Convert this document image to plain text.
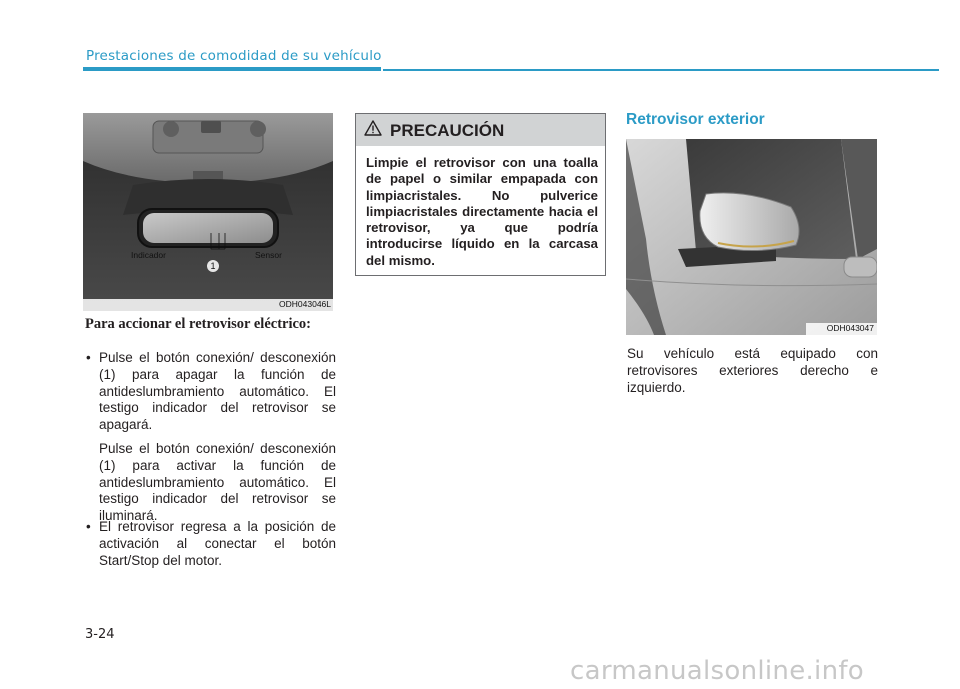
Prestaciones de comodidad de su vehículo
Indicador	Sensor
1
ODH043046L
Para accionar el retrovisor eléctrico:
• Pulse el botón conexión/ desconexión (1) para apagar la función de antideslumbramiento automático. El testigo indicador del retrovisor se apagará.
Pulse el botón conexión/ desconexión (1) para activar la función de antideslumbramiento automático. El testigo indicador del retrovisor se iluminará.
• El retrovisor regresa a la posición de activación al conectar el botón Start/Stop del motor.
PRECAUCIÓN
Limpie el retrovisor con una toalla de papel o similar empapada con limpiacristales. No pulverice limpiacristales directamente hacia el retrovisor, ya que podría introducirse líquido en la carcasa del mismo.
Retrovisor exterior
ODH043047
Su vehículo está equipado con retrovisores exteriores derecho e izquierdo.
3-24
carmanualsonline.info
